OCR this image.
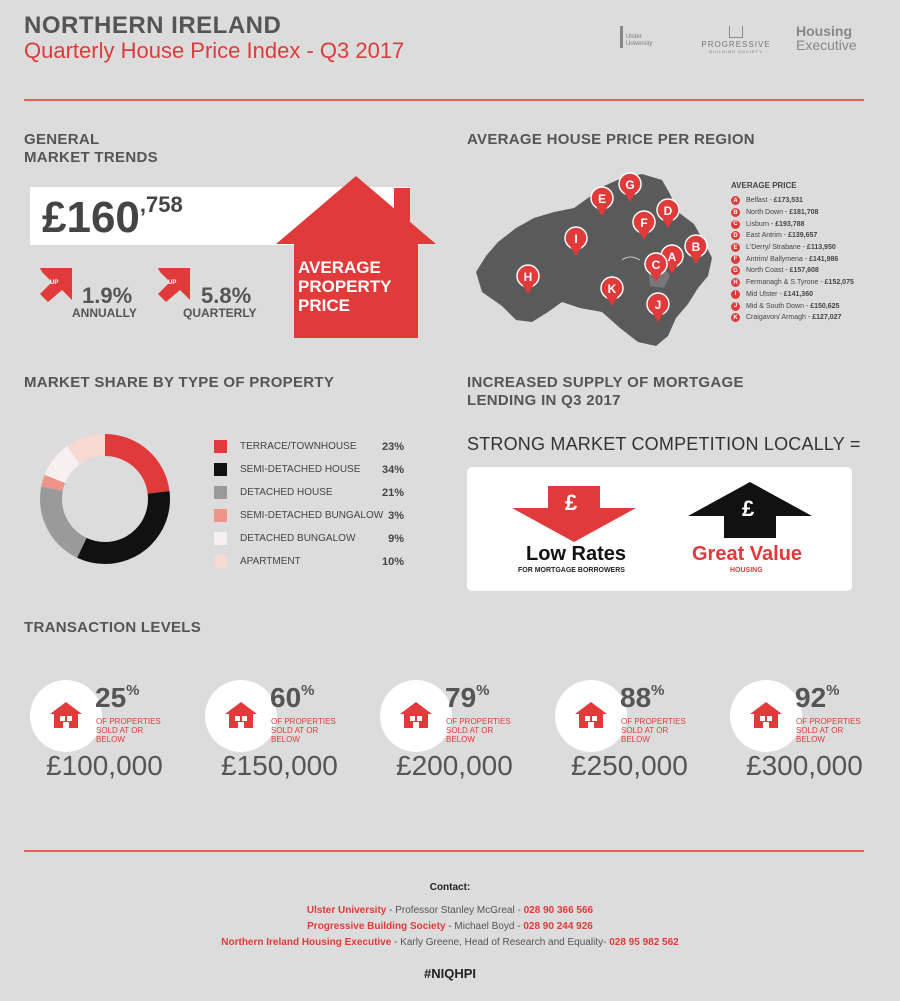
NORTHERN IRELAND
Quarterly House Price Index - Q3 2017
Ulster University	PROGRESSIVE
BUILDING SOCIETY
Housing
Executive
GENERAL
MARKET TRENDS
$£160^{,758}$
AVERAGE
PROPERTY
PRICE
UP 1.9%
ANNUALLY
UP 5.8%
QUARTERLY
AVERAGE HOUSE PRICE PER REGION
G
E
D
F
I
B
A
C
H
K
J
AVERAGE PRICE
A	Belfast - £173,531
B	North Down - £181,708
C	Lisburn - £193,788
D	East Antrim - £139,657
E	L'Derry/ Strabane - £113,950
F	Antrim/ Ballymena - £141,986
G	North Coast - £157,608
H	Fermanagh & S.Tyrone - £152,075
I	Mid Ulster - £141,360
J	Mid & South Down - £150,625
K	Craigavon/ Armagh - £127,027
MARKET SHARE BY TYPE OF PROPERTY
TERRACE/TOWNHOUSE 23%
SEMI-DETACHED HOUSE 34%
DETACHED HOUSE	21%
SEMI-DETACHED BUNGALOW 3%
DETACHED BUNGALOW	9%
APARTMENT	10%
INCREASED SUPPLY OF MORTGAGE
LENDING IN Q3 2017
STRONG MARKET COMPETITION LOCALLY =
£
Low Rates
FOR MORTGAGE BORROWERS
£
Great Value
HOUSING
TRANSACTION LEVELS
25%
OF PROPERTIES
SOLD AT OR
BELOW
£100,000
60%
OF PROPERTIES
SOLD AT OR
BELOW
£150,000
79%
OF PROPERTIES
SOLD AT OR
BELOW
£200,000
88%
OF PROPERTIES
SOLD AT OR
BELOW
£250,000
92%
OF PROPERTIES
SOLD AT OR
BELOW
£300,000
Contact:
Ulster University - Professor Stanley McGreal - 028 90 366 566
Progressive Building Society - Michael Boyd - 028 90 244 926
Northern Ireland Housing Executive - Karly Greene, Head of Research and Equality- 028 95 982 562
#NIQHPI
